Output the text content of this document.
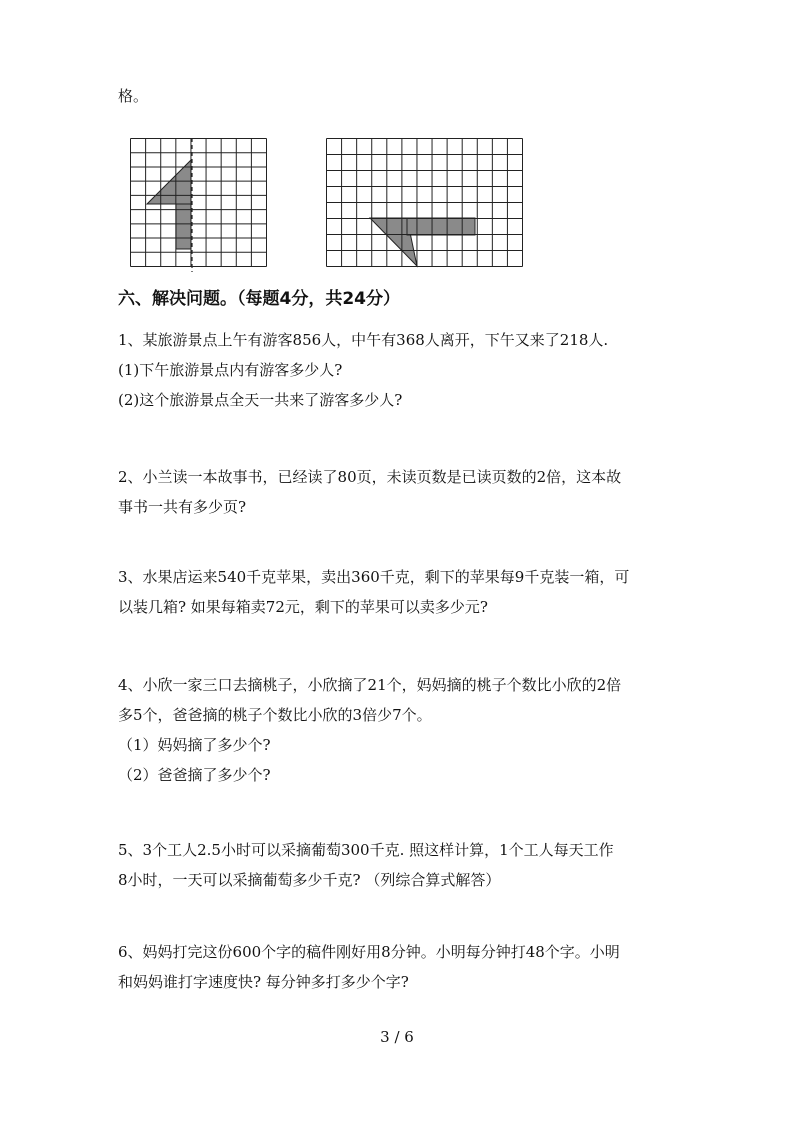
格。
六、解决问题。（每题4分，共24分）
1、某旅游景点上午有游客856人，中午有368人离开，下午又来了218人.
(1)下午旅游景点内有游客多少人?
(2)这个旅游景点全天一共来了游客多少人?
2、小兰读一本故事书，已经读了80页，未读页数是已读页数的2倍，这本故
事书一共有多少页?
3、水果店运来540千克苹果，卖出360千克，剩下的苹果每9千克装一箱，可
以装几箱? 如果每箱卖72元，剩下的苹果可以卖多少元?
4、小欣一家三口去摘桃子，小欣摘了21个，妈妈摘的桃子个数比小欣的2倍
多5个，爸爸摘的桃子个数比小欣的3倍少7个。
（1）妈妈摘了多少个?
（2）爸爸摘了多少个?
5、3个工人2.5小时可以采摘葡萄300千克. 照这样计算，1个工人每天工作
8小时，一天可以采摘葡萄多少千克? （列综合算式解答）
6、妈妈打完这份600个字的稿件刚好用8分钟。小明每分钟打48个字。小明
和妈妈谁打字速度快? 每分钟多打多少个字?
3 / 6
